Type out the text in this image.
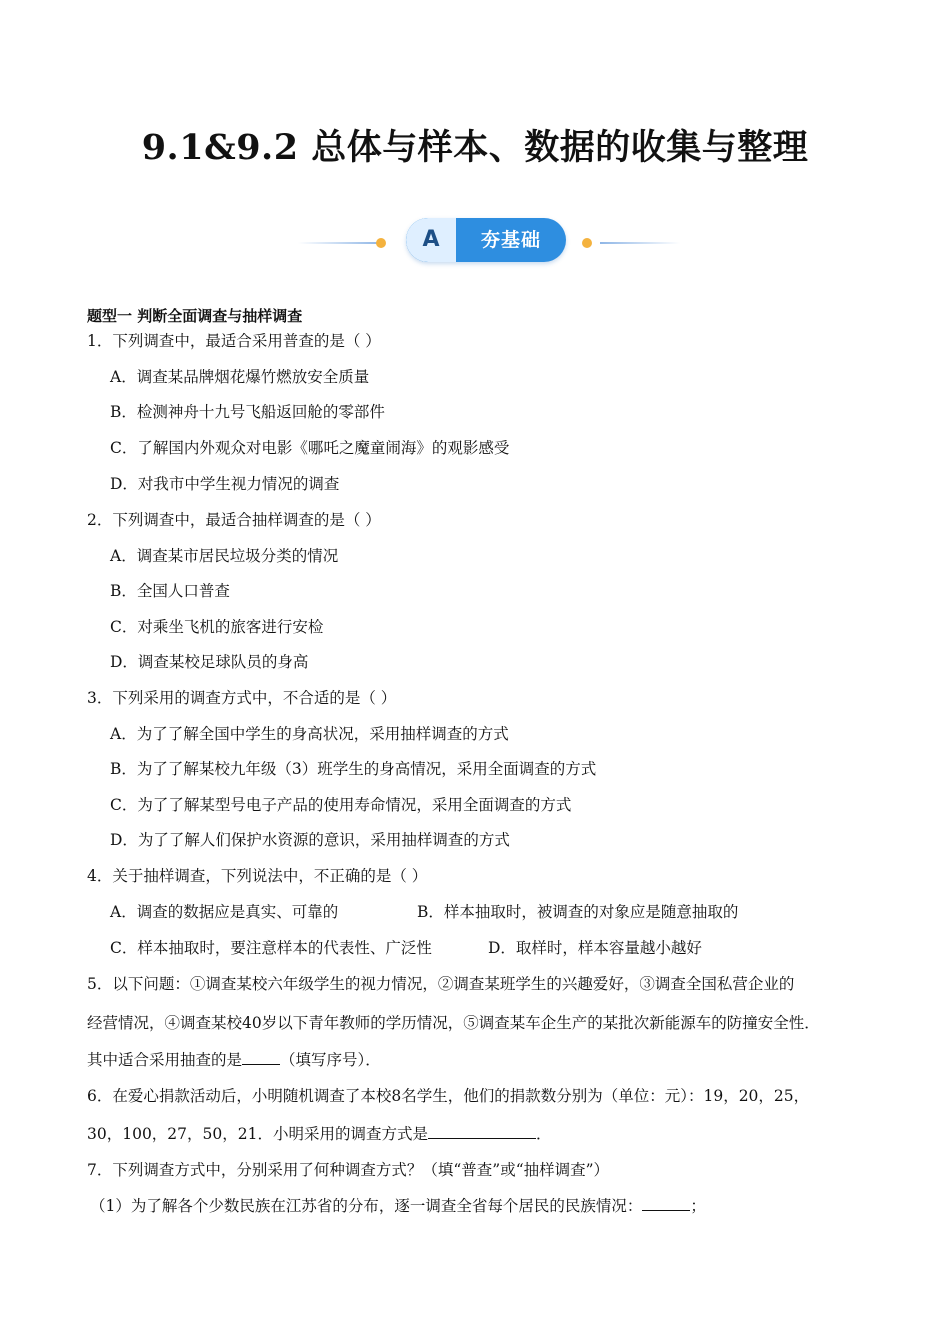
9.1&9.2 总体与样本、数据的收集与整理
A	夯基础
题型一 判断全面调查与抽样调查
1．下列调查中，最适合采用普查的是（ ）
A．调查某品牌烟花爆竹燃放安全质量
B．检测神舟十九号飞船返回舱的零部件
C．了解国内外观众对电影《哪吒之魔童闹海》的观影感受
D．对我市中学生视力情况的调查
2．下列调查中，最适合抽样调查的是（ ）
A．调查某市居民垃圾分类的情况
B．全国人口普查
C．对乘坐飞机的旅客进行安检
D．调查某校足球队员的身高
3．下列采用的调查方式中，不合适的是（ ）
A．为了了解全国中学生的身高状况，采用抽样调查的方式
B．为了了解某校九年级（3）班学生的身高情况，采用全面调查的方式
C．为了了解某型号电子产品的使用寿命情况，采用全面调查的方式
D．为了了解人们保护水资源的意识，采用抽样调查的方式
4．关于抽样调查，下列说法中，不正确的是（ ）
A．调查的数据应是真实、可靠的	B．样本抽取时，被调查的对象应是随意抽取的
C．样本抽取时，要注意样本的代表性、广泛性	D．取样时，样本容量越小越好
5．以下问题：①调查某校六年级学生的视力情况，②调查某班学生的兴趣爱好，③调查全国私营企业的
经营情况，④调查某校40岁以下青年教师的学历情况，⑤调查某车企生产的某批次新能源车的防撞安全性．
其中适合采用抽查的是 （填写序号）．
6．在爱心捐款活动后，小明随机调查了本校8名学生，他们的捐款数分别为（单位：元）：19，20，25，
30，100，27，50，21．小明采用的调查方式是	．
7．下列调查方式中，分别采用了何种调查方式？（填“普查”或“抽样调查”）
（1）为了解各个少数民族在江苏省的分布，逐一调查全省每个居民的民族情况：	；
